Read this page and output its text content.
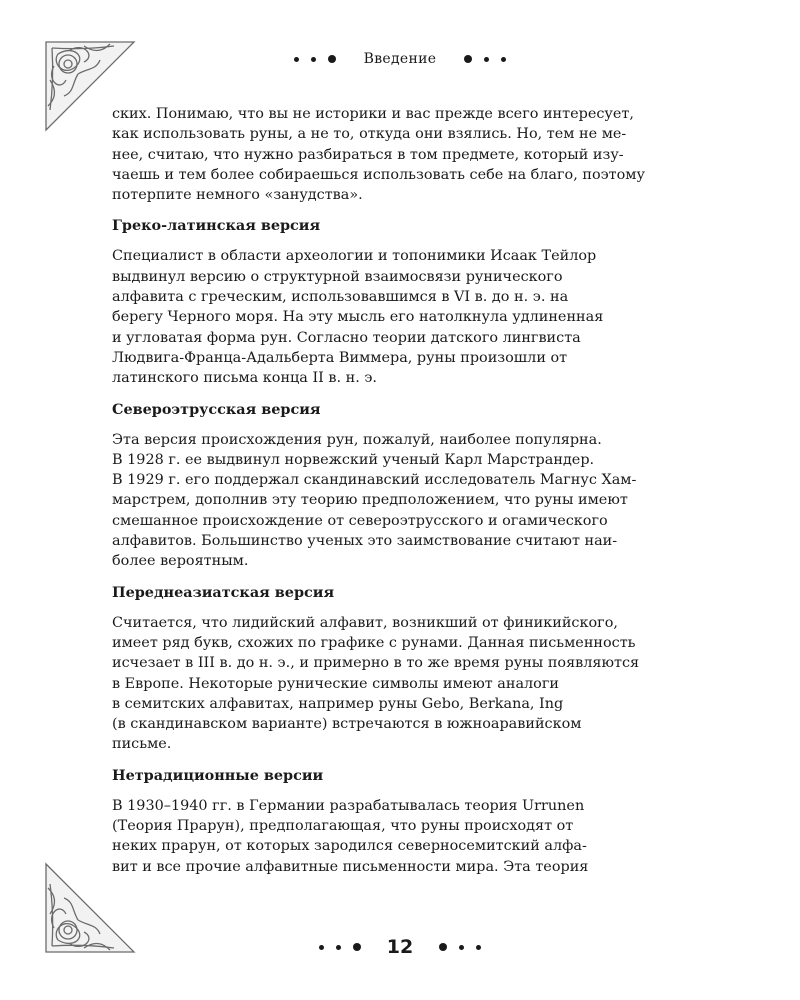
Введение

ских. Понимаю, что вы не историки и вас прежде всего интересует,
как использовать руны, а не то, откуда они взялись. Но, тем не ме-
нее, считаю, что нужно разбираться в том предмете, который изу-
чаешь и тем более собираешься использовать себе на благо, поэтому
потерпите немного «занудства».

Греко-латинская версия

Специалист в области археологии и топонимики Исаак Тейлор
выдвинул версию о структурной взаимосвязи рунического
алфавита с греческим, использовавшимся в VI в. до н. э. на
берегу Черного моря. На эту мысль его натолкнула удлиненная
и угловатая форма рун. Согласно теории датского лингвиста
Людвига-Франца-Адальберта Виммера, руны произошли от
латинского письма конца II в. н. э.

Североэтрусская версия

Эта версия происхождения рун, пожалуй, наиболее популярна.
В 1928 г. ее выдвинул норвежский ученый Карл Марстрандер.
В 1929 г. его поддержал скандинавский исследователь Магнус Хам-
марстрем, дополнив эту теорию предположением, что руны имеют
смешанное происхождение от североэтрусского и огамического
алфавитов. Большинство ученых это заимствование считают наи-
более вероятным.

Переднеазиатская версия

Считается, что лидийский алфавит, возникший от финикийского,
имеет ряд букв, схожих по графике с рунами. Данная письменность
исчезает в III в. до н. э., и примерно в то же время руны появляются
в Европе. Некоторые рунические символы имеют аналоги
в семитских алфавитах, например руны Gebo, Berkana, Ing
(в скандинавском варианте) встречаются в южноаравийском
письме.

Нетрадиционные версии

В 1930–1940 гг. в Германии разрабатывалась теория Urrunen
(Теория Прарун), предполагающая, что руны происходят от
неких прарун, от которых зародился северносемитский алфа-
вит и все прочие алфавитные письменности мира. Эта теория

12
